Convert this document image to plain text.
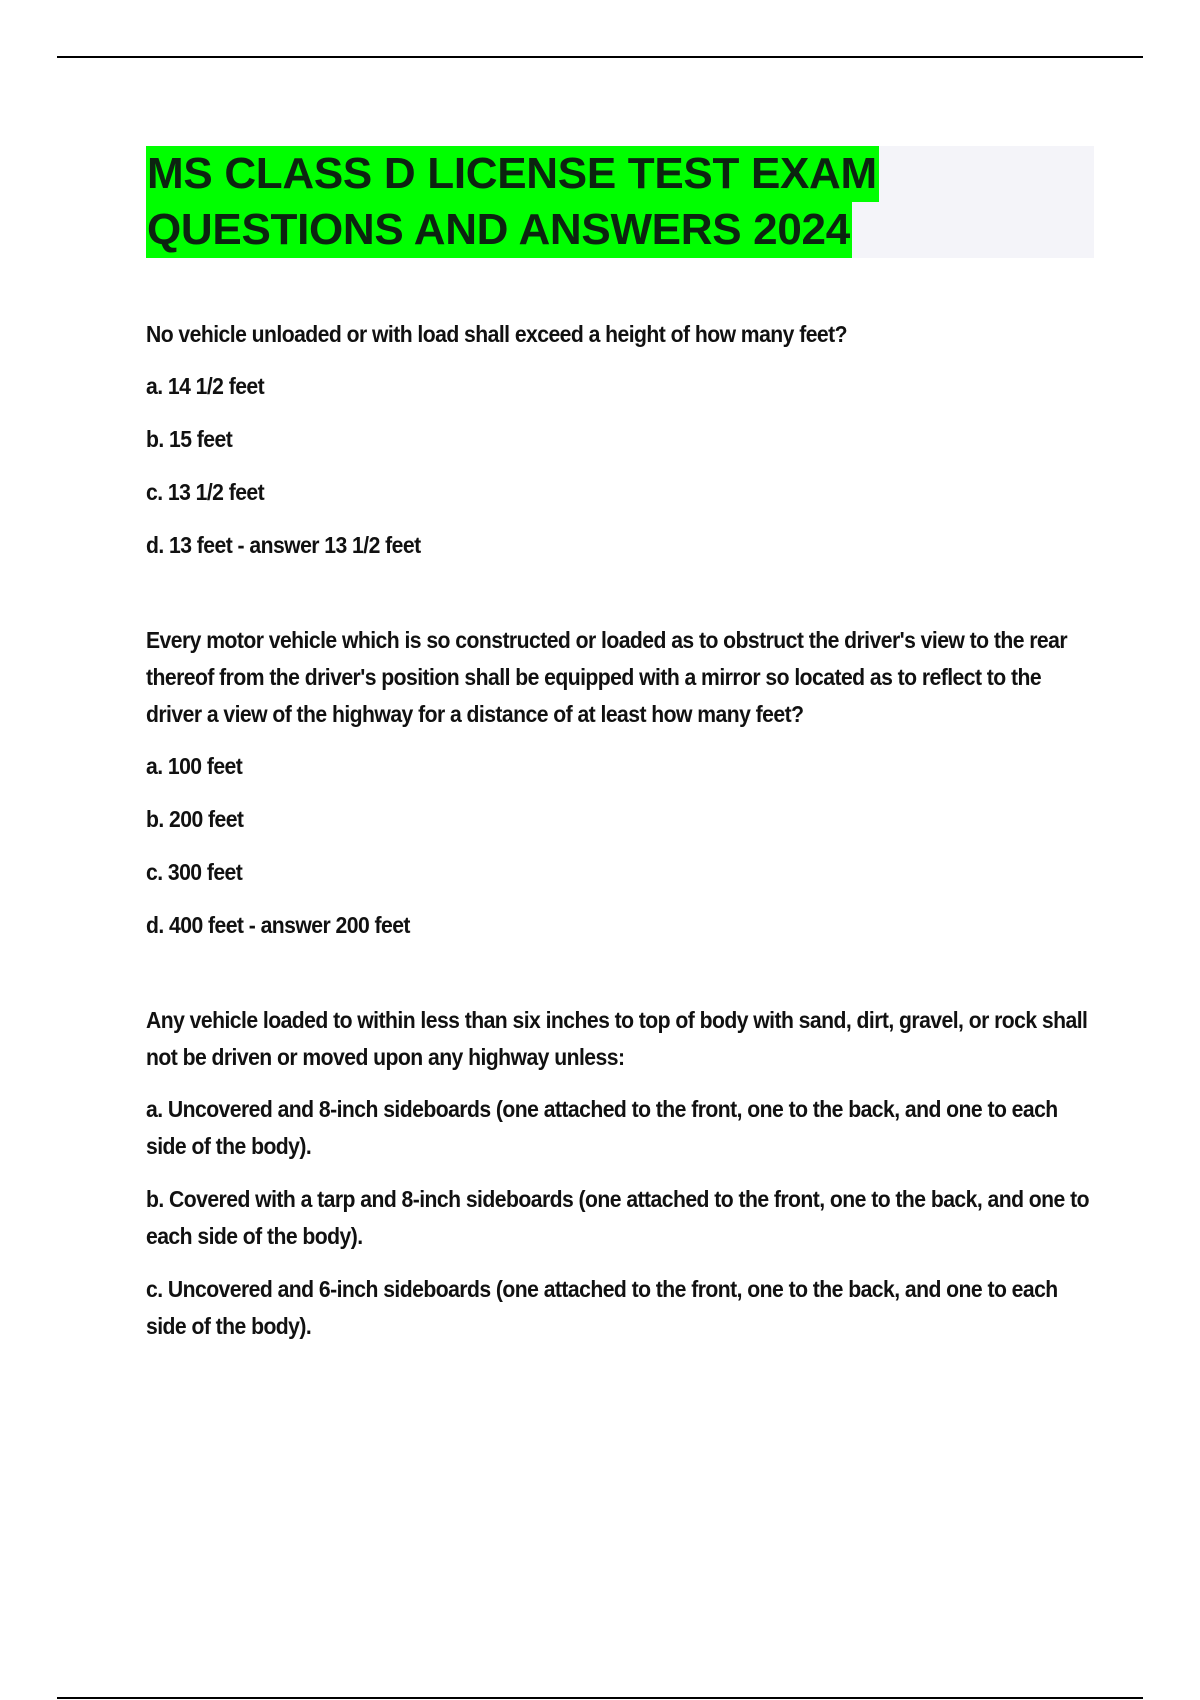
MS CLASS D LICENSE TEST EXAM
QUESTIONS AND ANSWERS 2024
No vehicle unloaded or with load shall exceed a height of how many feet?
a. 14 1/2 feet
b. 15 feet
c. 13 1/2 feet
d. 13 feet - answer 13 1/2 feet
Every motor vehicle which is so constructed or loaded as to obstruct the driver's view to the rear thereof from the driver's position shall be equipped with a mirror so located as to reflect to the driver a view of the highway for a distance of at least how many feet?
a. 100 feet
b. 200 feet
c. 300 feet
d. 400 feet - answer 200 feet
Any vehicle loaded to within less than six inches to top of body with sand, dirt, gravel, or rock shall not be driven or moved upon any highway unless:
a. Uncovered and 8-inch sideboards (one attached to the front, one to the back, and one to each side of the body).
b. Covered with a tarp and 8-inch sideboards (one attached to the front, one to the back, and one to each side of the body).
c. Uncovered and 6-inch sideboards (one attached to the front, one to the back, and one to each side of the body).
